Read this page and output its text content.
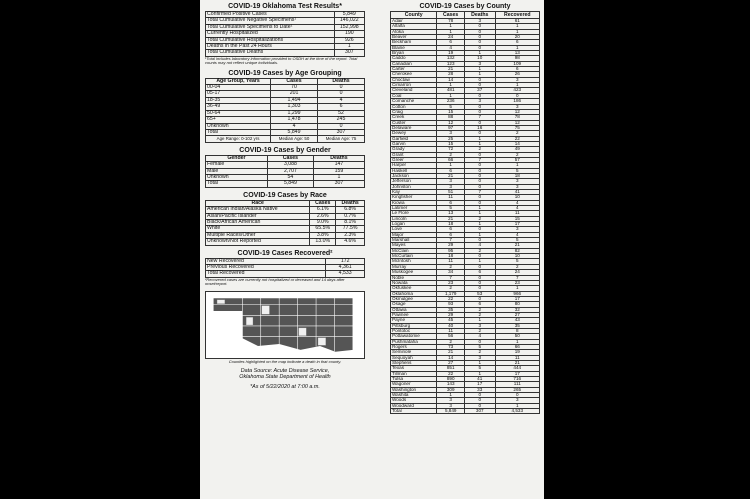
COVID-19 Oklahoma Test Results*
Confirmed Positive Cases	5,849
Total Cumulative Negative Specimens¹	146,022
Total Cumulative Specimens to Date¹	152,998
Currently Hospitalized	190
Total Cumulative Hospitalizations	926
Deaths in the Past 24 Hours	1
Total Cumulative Deaths	307
¹Total includes laboratory information provided to OSDH at the time of the report. Total counts may not reflect unique individuals.
COVID-19 Cases by Age Grouping
Age Group, Years	Cases	Deaths
00-04	70	0
05-17	201	0
18-35	1,494	4
36-49	1,303	6
50-64	1,299	52
65+	1,478	245
Unknown	4	0
Total	5,849	307
Age Range: 0-102 yrs	Median Age: 50	Median Age: 75
COVID-19 Cases by Gender
Gender	Cases	Deaths
Female	3,088	147
Male	2,707	159
Unknown	54	1
Total	5,849	307
COVID-19 Cases by Race
Race	Cases	Deaths
American Indian/Alaska Native	6.1%	6.8%
Asian/Pacific Islander	2.6%	0.7%
Black/African American	9.0%	8.1%
White	65.5%	77.5%
Multiple Races/Other	3.8%	2.3%
Unknown/Not Reported	13.0%	4.6%
COVID-19 Cases Recovered²
New Recovered	172
Previous Recovered	4,361
Total Recovered	4,533
²Recovered cases are currently not hospitalized or deceased and 14 days after onset/report.
Counties highlighted on the map indicate a death in that county.
Data Source: Acute Disease Service,
Oklahoma State Department of Health
*As of 5/22/2020 at 7:00 a.m.
COVID-19 Cases by County
County	Cases	Deaths	Recovered
Adair	78	3	61
Alfalfa	1	0	1
Atoka	1	0	1
Beaver	24	0	20
Beckham	6	0	6
Blaine	4	0	1
Bryan	19	1	13
Caddo	132	10	98
Canadian	123	3	109
Carter	21	1	6
Cherokee	28	1	26
Choctaw	14	0	3
Cimarron	1	0	1
Cleveland	481	37	423
Coal	1	0	0
Comanche	236	3	186
Cotton	5	0	3
Craig	15	0	12
Creek	88	7	78
Custer	12	0	12
Delaware	97	16	75
Dewey	3	0	2
Garfield	25	1	22
Garvin	15	1	14
Grady	72	2	49
Grant	2	0	2
Greer	66	7	57
Harper	1	0	1
Haskell	6	0	5
Jackson	21	0	18
Jefferson	3	0	3
Johnston	3	0	3
Kay	51	7	41
Kingfisher	11	0	10
Kiowa	6	0	4
Latimer	5	1	4
Le Flore	13	1	11
Lincoln	21	2	15
Logan	18	1	17
Love	6	0	3
Major	6	1	4
Marshall	7	0	5
Mayes	29	4	21
McClain	95	2	82
McCurtain	18	0	10
McIntosh	11	1	5
Murray	2	0	2
Muskogee	34	6	24
Noble	7	0	7
Nowata	23	0	23
Okfuskee	2	0	1
Oklahoma	1,179	53	966
Okmulgee	22	0	17
Osage	93	6	80
Ottawa	35	2	32
Pawnee	29	2	27
Payne	45	1	43
Pittsburg	40	3	35
Pontotoc	11	2	8
Pottawatomie	56	4	50
Pushmataha	2	0	1
Rogers	73	5	66
Seminole	21	2	19
Sequoyah	14	3	11
Stephens	27	1	21
Texas	851	5	444
Tillman	22	1	17
Tulsa	890	41	716
Wagoner	143	17	111
Washington	309	33	265
Washita	1	0	0
Woods	3	0	3
Woodward	3	0	1
Total	5,849	307	4,533
